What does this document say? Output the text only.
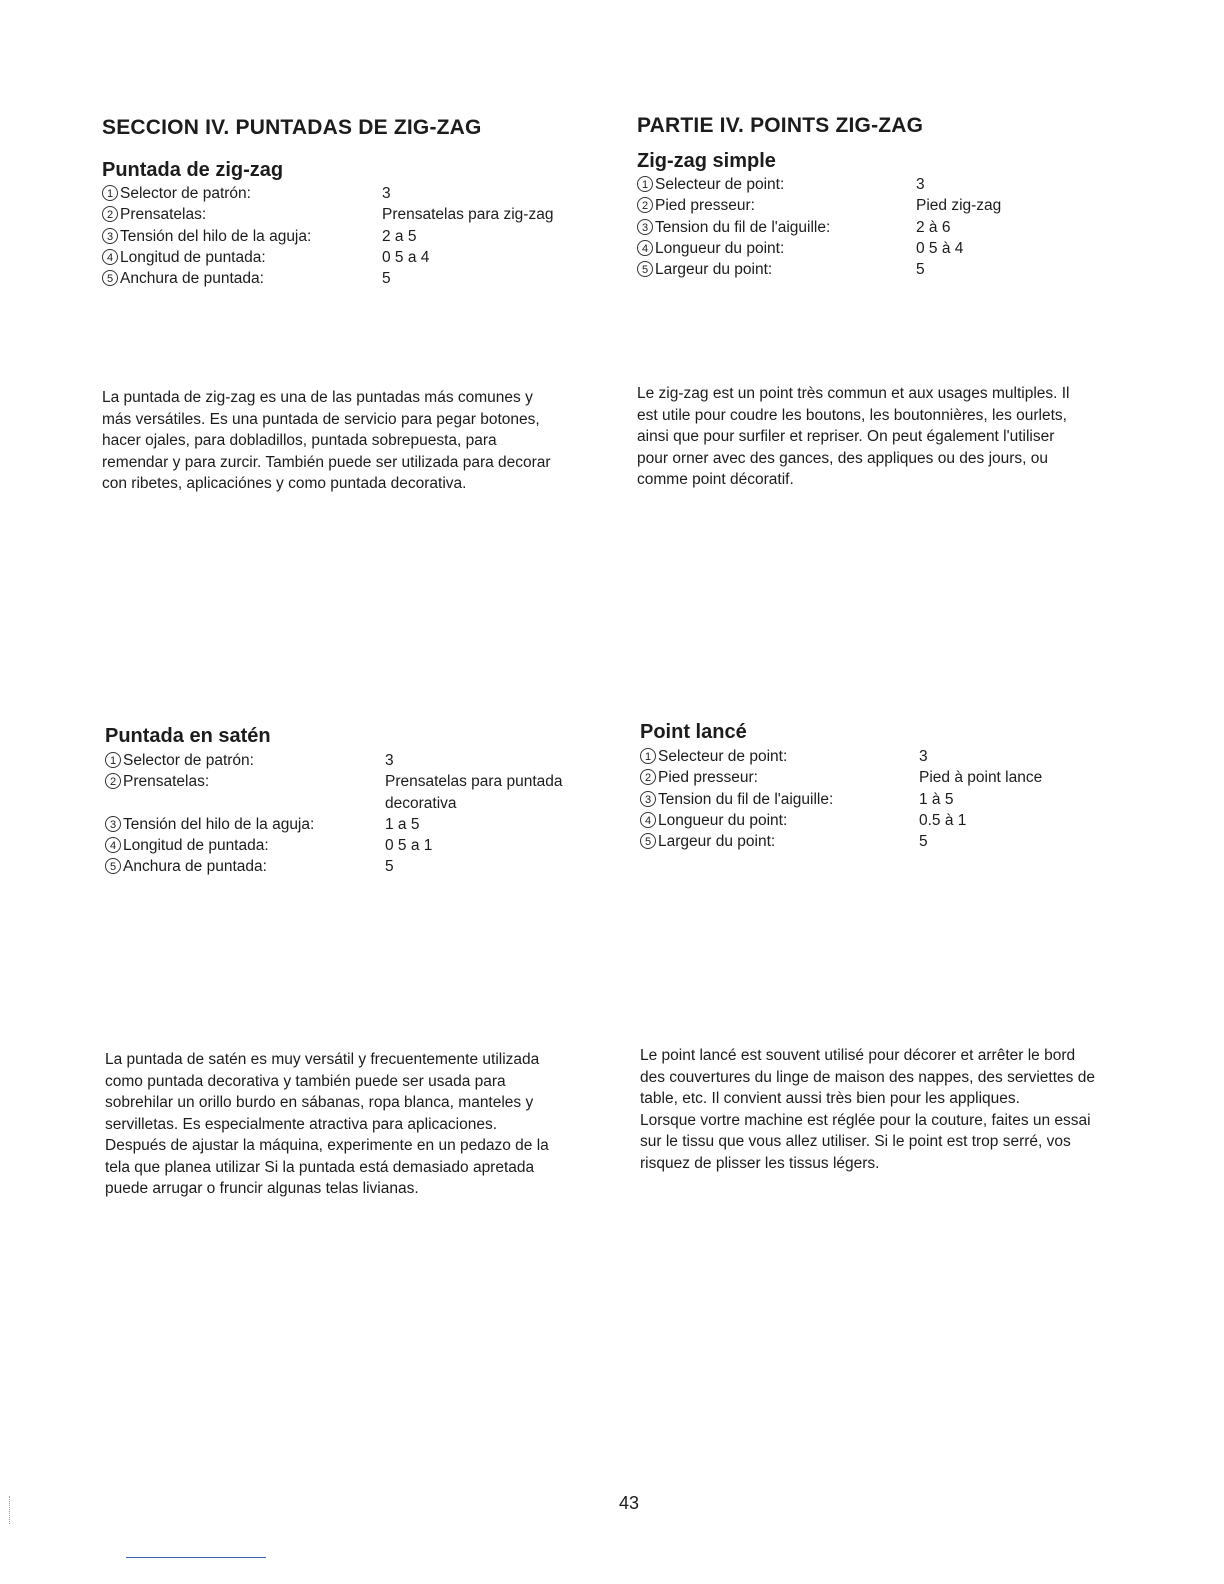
SECCION IV. PUNTADAS DE ZIG-ZAG
Puntada de zig-zag
1 Selector de patrón:	3
2 Prensatelas:	Prensatelas para zig-zag
3 Tensión del hilo de la aguja:	2 a 5
4 Longitud de puntada:	0 5 a 4
5 Anchura de puntada:	5
La puntada de zig-zag es una de las puntadas más comunes y
más versátiles. Es una puntada de servicio para pegar botones,
hacer ojales, para dobladillos, puntada sobrepuesta, para
remendar y para zurcir. También puede ser utilizada para decorar
con ribetes, aplicaciónes y como puntada decorativa.
Puntada en satén
1 Selector de patrón:	3
2 Prensatelas:	Prensatelas para puntada

decorativa
3 Tensión del hilo de la aguja:	1 a 5
4 Longitud de puntada:	0 5 a 1
5 Anchura de puntada:	5
La puntada de satén es muy versátil y frecuentemente utilizada
como puntada decorativa y también puede ser usada para
sobrehilar un orillo burdo en sábanas, ropa blanca, manteles y
servilletas. Es especialmente atractiva para aplicaciones.
Después de ajustar la máquina, experimente en un pedazo de la
tela que planea utilizar Si la puntada está demasiado apretada
puede arrugar o fruncir algunas telas livianas.
PARTIE IV. POINTS ZIG-ZAG
Zig-zag simple
1 Selecteur de point:	3
2 Pied presseur:	Pied zig-zag
3 Tension du fil de l'aiguille:	2 à 6
4 Longueur du point:	0 5 à 4
5 Largeur du point:	5
Le zig-zag est un point très commun et aux usages multiples. Il
est utile pour coudre les boutons, les boutonnières, les ourlets,
ainsi que pour surfiler et repriser. On peut également l'utiliser
pour orner avec des gances, des appliques ou des jours, ou
comme point décoratif.
Point lancé
1 Selecteur de point:	3
2 Pied presseur:	Pied à point lance
3 Tension du fil de l'aiguille:	1 à 5
4 Longueur du point:	0.5 à 1
5 Largeur du point:	5
Le point lancé est souvent utilisé pour décorer et arrêter le bord
des couvertures du linge de maison des nappes, des serviettes de
table, etc. Il convient aussi très bien pour les appliques.
Lorsque vortre machine est réglée pour la couture, faites un essai
sur le tissu que vous allez utiliser. Si le point est trop serré, vos
risquez de plisser les tissus légers.
43
